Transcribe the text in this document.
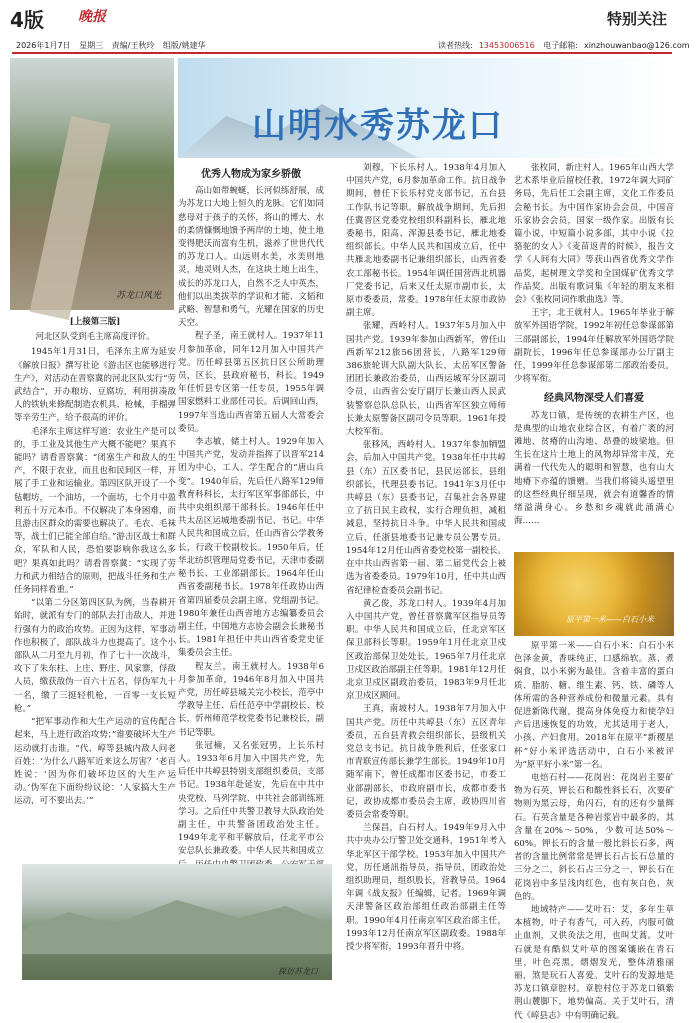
4版 晚报	特别关注
2026年1月7日 星期三 责编/王秋玲 组版/姚建华	读者热线: 13453006516 电子邮箱: xinzhouwanbao@126.com
苏龙口风光
山明水秀苏龙口

[上接第三版]

河北区队受到毛主席高度评价。

1945年1月31日，毛泽东主席为延安《解放日报》撰写社论《游击区也能够进行生产》，对活动在晋察冀的河北区队实行“劳武结合”，开办粮坊、豆腐坊，利用拼凑敌人的铁轨来修配制造农机具、枪械，手榴弹等辛劳生产，给予很高的评价。

毛泽东主席这样写道：农业生产是可以的，手工业及其他生产大概不能吧？果真不能吗？请看晋察冀：“闭塞生产和敌人的生产，不限于农业，而且也和民间区一样，开展了手工业和运输业。第四区队开设了一个毡帽坊，一个油坊，一个面坊，七个月中盈利五十万元本币。不仅解决了本身困难，而且游击区群众的需要也解决了。毛农、毛袜等，战士们已能全部自给。”游击区战士和群众，军队和人民，恐怕要影响你我这么多吧？果真如此吗？请看晋察冀：“实现了劳力和武力相结合的原则，把战斗任务和生产任务同样看重。”

“以第二分区第四区队为例，当春耕开始时，就派有专门的部队去打击敌人，并进行强有力的政治攻势。正因为这样，军事动作也积极了，部队战斗力也提高了。这个小部队从二月至九月初，作了七十一次战斗，攻下了朱东柱、上庄、野庄、风家寨，俘敌人员，缴获敌伪一百六十五名，俘伪军九十一名，缴了三挺轻机枪，一百零一支长短枪。”

“把军事动作和大生产运动的宣传配合起来，马上进行政治攻势；”谁要破坏大生产运动就打击谁。“代、崞等县城内敌人问老百姓：‘为什么八路军近来这么厉害？’老百姓说：‘因为你们破坏边区的大生产运动。’伪军在下面纷纷议论：‘人家搞大生产运动，可不要出去。’”

优秀人物成为家乡骄傲

高山如带蜿蜒，长河似练舒展，成为苏龙口大地上恒久的龙脉。它们如同慈母对于孩子的关怀，将山的博大、水的柔情慷慨地馈予两岸的土地，使土地变得肥沃而富有生机，滋养了世世代代的苏龙口人。山远则水美，水美则地灵，地灵则人杰，在这块土地上出生，成长的苏龙口人，自然不乏人中英杰，他们以出类拔萃的学识和才能、文韬和武略、智慧和勇气，光耀在国家的历史天空。

程子圣，南王就村人。1937年11月参加革命，同年12月加入中国共产党。历任崞县第五区抗日区公所助理员，区长，县政府秘书，科长。1949年任忻县专区第一任专员，1955年调国家燃料工业部任司长。后调回山西，1997年当选山西省第五届人大常委会委员。

李志敏，储土村人。1929年加入中国共产党，发动并指挥了以晋军214团为中心，工人、学生配合的“唐山兵变”。1940年后，先后任八路军129师教育科科长，太行军区军事部部长，中共中央组织部干部科长。1946年任中共太岳区运城地委副书记、书记。中华人民共和国成立后，任山西省公学教务长，行政干校副校长。1950年后，任华北纺织管理局党委书记，天津市委副秘书长、工业部副部长。1964年任山西省委副秘书长。1978年任政协山西省第四届委员会副主席、党组副书记。1980年兼任山西省地方志编纂委员会副主任，中国地方志协会副会长兼秘书长。1981年担任中共山西省委党史征集委员会主任。

程友兰，南王就村人。1938年6月参加革命，1946年8月加入中国共产党，历任崞县城关完小校长，范亭中学教导主任、后任范亭中学副校长、校长，忻州师范学校党委书记兼校长，副书记等职。

张冠楠，又名张冠男，上长乐村人。1933年6月加入中国共产党，先后任中共崞县特别支部组织委员，支部书记。1938年赴延安，先后在中共中央党校、马列学院、中共社会部训练班学习。之后任中共警卫教导大队政治处副主任，中共警备团政治处主任。1949年北平和平解放后，任北平市公安总队长兼政委。中华人民共和国成立

刘穆，下长乐村人。1938年4月加入中国共产党，6月参加革命工作。抗日战争期间，曾任下长乐村党支部书记，五台县工作队书记等职。解放战争期间，先后担任冀晋区党委党校组织科副科长，雁北地委秘书，阳高、浑源县委书记，雁北地委组织部长。中华人民共和国成立后，任中共雁北地委副书记兼组织部长，山西省委农工部秘书长。1954年调任国营西北机器厂党委书记，后来又任太原市副市长，太原市委委员，常委。1978年任太原市政协副主席。

张耀，西岭村人。1937年5月加入中国共产党。1939年参加山西新军，曾任山西新军212旅56团营长，八路军129师386旅轮训大队副大队长，太岳军区警备团团长兼政治委员，山西运城军分区副司令员，山西省公安厅副厅长兼山西人民武装警察总队总队长，山西省军区独立师师长兼太原警备区副司令员等职。1961年授大校军衔。

张移风，西岭村人。1937年参加牺盟会，后加入中国共产党。1938年任中共崞县（东）五区委书记，县民运部长，县组织部长，代理县委书记。1941年3月任中共崞县（东）县委书记，召集社会各界建立了抗日民主政权，实行合理负担，减租减息，坚持抗日斗争。中华人民共和国成立后，任浙县地委书记兼专员公署专员。1954年12月任山西省委党校第一副校长。在中共山西省第一届、第二届党代会上被选为省委委员。1979年10月，任中共山西省纪律检查委员会副书记。

黄乙俊，苏龙口村人。1939年4月加入中国共产党，曾任晋察冀军区指导员等职。中华人民共和国成立后，任北京军区保卫部科长等职。1959年1月任北京卫戍区政治部保卫处处长，1965年7月任北京卫戍区政治部副主任等职。1981年12月任北京卫戍区副政治委员，1983年9月任北京卫戍区顾问。

王真，南坡村人。1938年7月加入中国共产党。历任中共崞县（东）五区青年委员，五台县青救会组织部长，县级机关党总支书记。抗日战争胜利后，任张家口市青联宣传部长兼学生部长。1949年10月随军南下，曾任成都市区委书记，市委工业部副部长，市政府副市长，成都市委书记，政协成都市委员会主席，政协四川省委员会常委等职。

兰保昌，白石村人。1949年9月入中共中央办公厅警卫处交通科，1951年考入华北军区干部学校。1953年加入中国共产党，历任通訊指导员，指导员，团政治处组织助理员，组织股长，营教导员。1964年调《战友报》任编辑，记者。1969年调天津警备区政治部组任政治部副主任等职。1990年4月任南京军区政治部主任，1993年12月任南京军区副政委。1988年授少将军衔，1993年晋升中将。

张枚同，新庄村人。1965年山西大学艺术系毕业后留校任教。1972年调大同矿务局，先后任工会副主席，文化工作委员会秘书长。为中国作家协会会员，中国音乐家协会会员，国家一级作家。出版有长篇小说，中短篇小说多部，其中小说《拉骆驼的女人》《麦苗返青的时候》，报告文学《人间有大同》等获山西省优秀文学作品奖，起树理文学奖和全国煤矿优秀文学作品奖。出版有歌词集《年轻的朋友来相会》《张枚同词作歌曲选》等。

王宇，北王就村人。1965年毕业于解放军外国语学院，1992年初任总参谋部第三部副部长，1994年任解放军外国语学院副院长，1996年任总参谋部办公厅副主任，1999年任总参谋部第二部政治委员。少将军衔。

经典风物深受人们喜爱

苏龙口镇，是传统的农耕生产区，也是典型的山地农业综合区，有着广袤的河滩地、贫瘠的山沟地、昂叠的坡梁地。但生长在这片土地上的风物却异常丰茂，充满着一代代先人的聪明和智慧，也有山大地瘠下亦蕴的馈赠。当我们将镜头遥望里的这些经典仔细呈现，就会有道馨香的情绪溢满身心。乡愁和乡魂就此涌满心海……

原平第一米——白石小米

原平第一米——白石小米：白石小米色泽金黄，香味纯正，口感绵软。蒸、煮焖食，以小米粥为最佳。含着丰富的蛋白质、脂肪、糖、维生素、钙、铁、磷等人体所需的各种营养成份和微量元素。具有促进新陈代谢，提高身体免疫力和使孕妇产后迅速恢复的功效，尤其适用于老人，小孩、产妇食用。2018年在原平“新稷星杯”好小米评选活动中，白石小米被评为“原平好小米”第一名。

电焙石村——花岗岩：花岗岩主要矿物为石英，钾长石和酸性斜长石，次要矿物则为黑云母，角闪石，有的还有少量辉石。石英含量是各种岩浆岩中最多的，其含量在20%～50%，少数可达50%～60%。钾长石的含量一般比斜长石多，两者的含量比例常常是钾长石占长石总量的三分之二，斜长石占三分之一，钾长石在花岗岩中多呈浅肉红色，也有灰白色、灰色的。

地域特产——艾叶石：艾，多年生草本植物，叶子有香气，可入药，内服可做止血剂，又供灸法之用，也叫艾蒿。艾叶石就是有酷似艾叶草的图案镶嵌在青石里，叶色亮黑，熠熠发光，整体清雅丽丽，煞是玩石人喜爱。艾叶石的发源地是苏龙口镇章腔村。章腔村位于苏龙口镇紫荆山麓脚下，地势偏高。关于艾叶石，清代《崞县志》中有明确记载。

探访苏龙口
